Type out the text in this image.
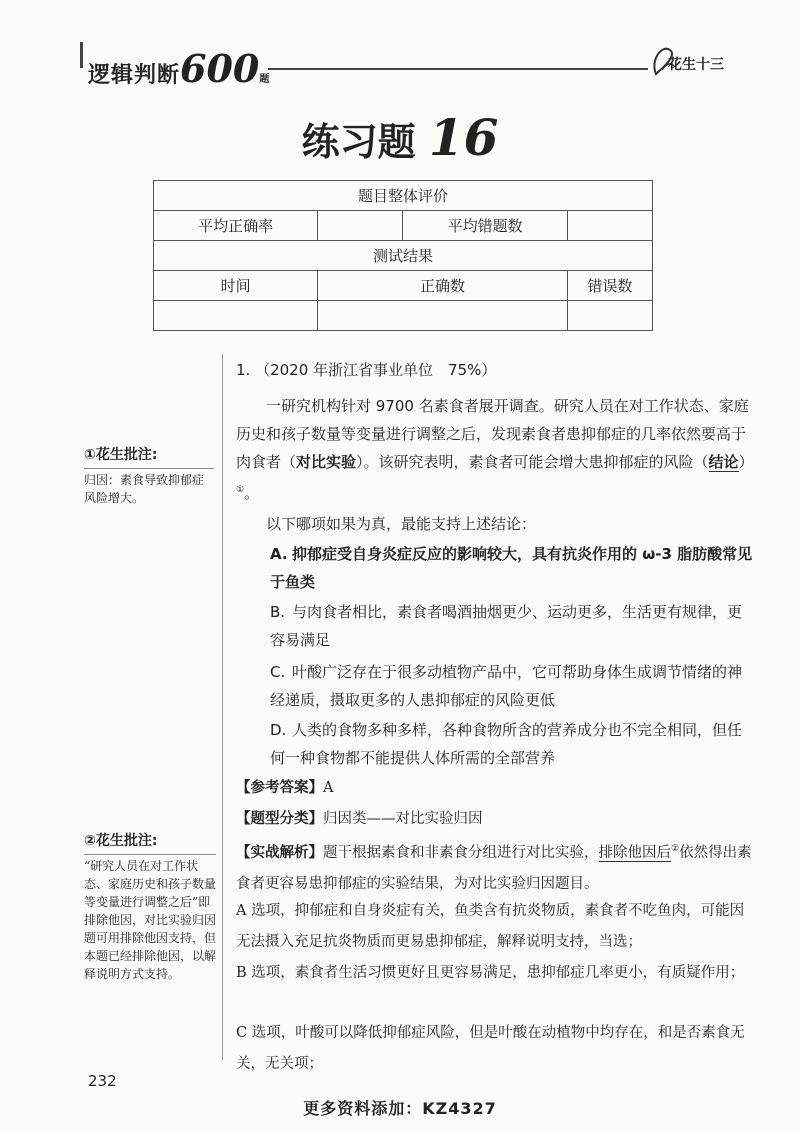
逻辑判断600题
花生十三
练习题 16
题目整体评价			
平均正确率		平均错题数	
测试结果			
时间	正确数		错误数

①花生批注:
归因：素食导致抑郁症风险增大。
②花生批注:
“研究人员在对工作状态、家庭历史和孩子数量等变量进行调整之后”即排除他因，对比实验归因题可用排除他因支持，但本题已经排除他因，以解释说明方式支持。
1. （2020 年浙江省事业单位　75%）
一研究机构针对 9700 名素食者展开调查。研究人员在对工作状态、家庭历史和孩子数量等变量进行调整之后，发现素食者患抑郁症的几率依然要高于肉食者（对比实验）。该研究表明，素食者可能会增大患抑郁症的风险（结论）①。
以下哪项如果为真，最能支持上述结论：
A. 抑郁症受自身炎症反应的影响较大，具有抗炎作用的 ω-3 脂肪酸常见于鱼类
B. 与肉食者相比，素食者喝酒抽烟更少、运动更多，生活更有规律，更容易满足
C. 叶酸广泛存在于很多动植物产品中，它可帮助身体生成调节情绪的神经递质，摄取更多的人患抑郁症的风险更低
D. 人类的食物多种多样，各种食物所含的营养成分也不完全相同，但任何一种食物都不能提供人体所需的全部营养
【参考答案】A
【题型分类】归因类——对比实验归因
【实战解析】题干根据素食和非素食分组进行对比实验，排除他因后②依然得出素食者更容易患抑郁症的实验结果，为对比实验归因题目。
A 选项，抑郁症和自身炎症有关，鱼类含有抗炎物质，素食者不吃鱼肉，可能因无法摄入充足抗炎物质而更易患抑郁症，解释说明支持，当选；
B 选项，素食者生活习惯更好且更容易满足，患抑郁症几率更小，有质疑作用；
C 选项，叶酸可以降低抑郁症风险，但是叶酸在动植物中均存在，和是否素食无关，无关项；
232
更多资料添加：KZ4327
